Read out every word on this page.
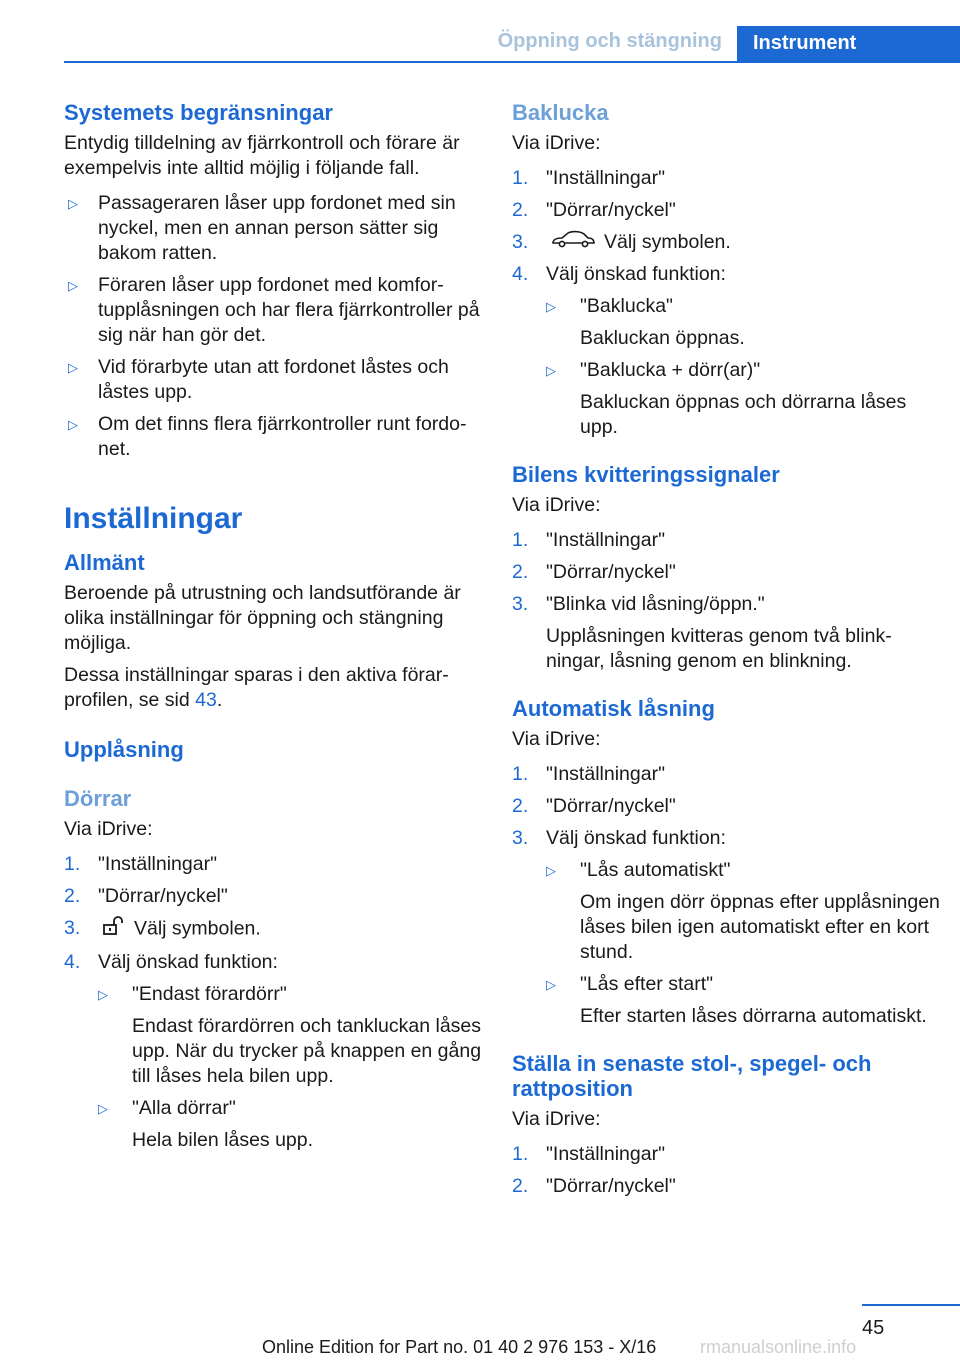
Öppning och stängning	Instrument
Systemets begränsningar

Entydig tilldelning av fjärrkontroll och förare är exempelvis inte alltid möjlig i följande fall.

▷ Passageraren låser upp fordonet med sin nyckel, men en annan person sätter sig bakom ratten.
▷ Föraren låser upp fordonet med komfortupplåsningen och har flera fjärrkontroller på sig när han gör det.
▷ Vid förarbyte utan att fordonet låstes och låstes upp.
▷ Om det finns flera fjärrkontroller runt fordonet.
Inställningar
Allmänt

Beroende på utrustning och landsutförande är olika inställningar för öppning och stängning möjliga.

Dessa inställningar sparas i den aktiva förarprofilen, se sid 43.

Upplåsning
Dörrar

Via iDrive:

1. "Inställningar"
2. "Dörrar/nyckel"
3.	Välj symbolen.
4. Välj önskad funktion:
▷ "Endast förardörr"
Endast förardörren och tankluckan låses upp. När du trycker på knappen en gång till låses hela bilen upp.
▷ "Alla dörrar"
Hela bilen låses upp.
Baklucka

Via iDrive:

1. "Inställningar"
2. "Dörrar/nyckel"
3.	Välj symbolen.
4. Välj önskad funktion:
▷ "Baklucka"
Bakluckan öppnas.
▷ "Baklucka + dörr(ar)"
Bakluckan öppnas och dörrarna låses upp.
Bilens kvitteringssignaler

Via iDrive:

1. "Inställningar"
2. "Dörrar/nyckel"
3. "Blinka vid låsning/öppn."
Upplåsningen kvitteras genom två blinkningar, låsning genom en blinkning.
Automatisk låsning

Via iDrive:

1. "Inställningar"
2. "Dörrar/nyckel"
3. Välj önskad funktion:
▷ "Lås automatiskt"
Om ingen dörr öppnas efter upplåsningen låses bilen igen automatiskt efter en kort stund.
▷ "Lås efter start"
Efter starten låses dörrarna automatiskt.
Ställa in senaste stol-, spegel- och rattposition

Via iDrive:

1. "Inställningar"
2. "Dörrar/nyckel"
45
Online Edition for Part no. 01 40 2 976 153 - X/16 rmanualsonline.info
